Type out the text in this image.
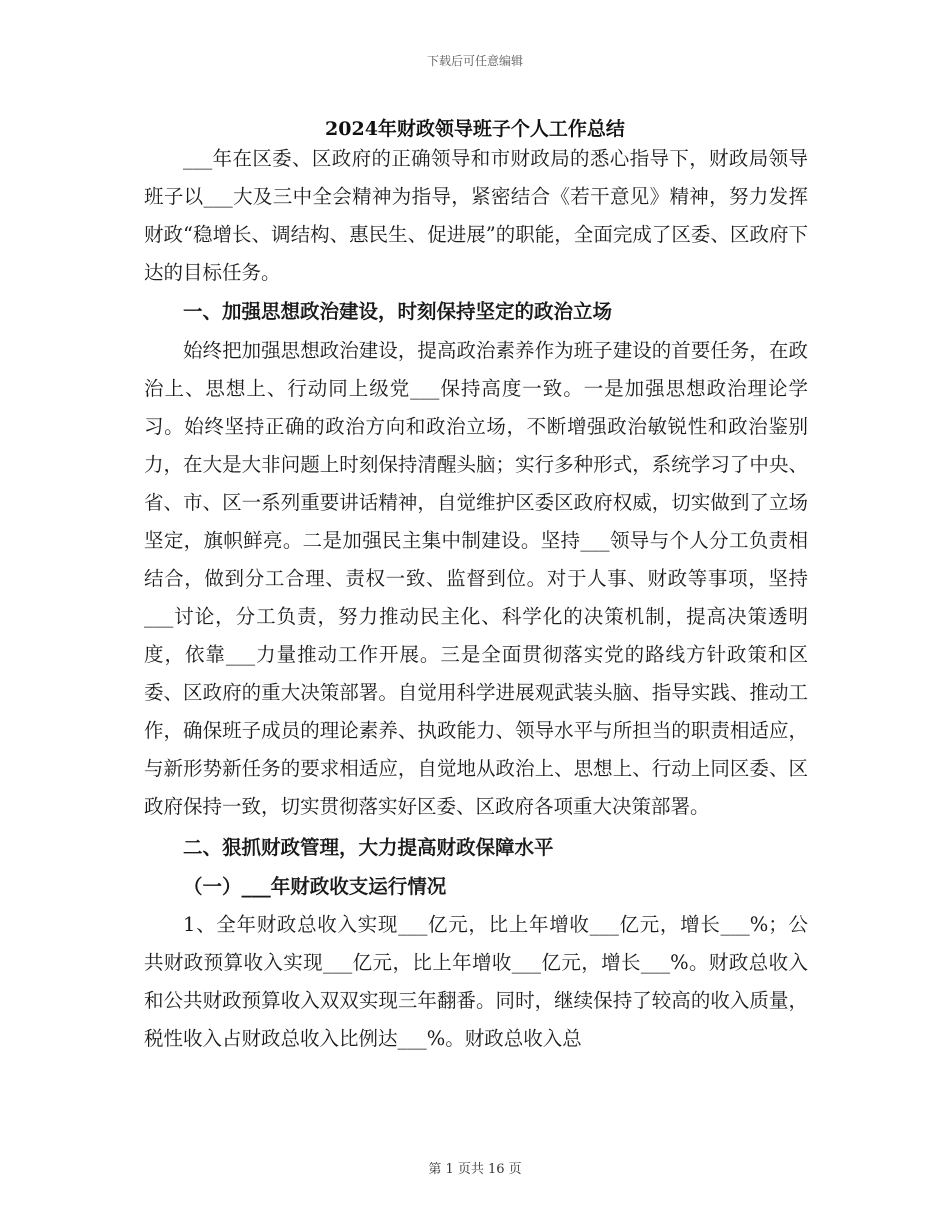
下载后可任意编辑
2024年财政领导班子个人工作总结

___年在区委、区政府的正确领导和市财政局的悉心指导下，财政局领导班子以___大及三中全会精神为指导，紧密结合《若干意见》精神，努力发挥财政“稳增长、调结构、惠民生、促进展”的职能，全面完成了区委、区政府下达的目标任务。

一、加强思想政治建设，时刻保持坚定的政治立场

始终把加强思想政治建设，提高政治素养作为班子建设的首要任务，在政治上、思想上、行动同上级党___保持高度一致。一是加强思想政治理论学习。始终坚持正确的政治方向和政治立场，不断增强政治敏锐性和政治鉴别力，在大是大非问题上时刻保持清醒头脑；实行多种形式，系统学习了中央、省、市、区一系列重要讲话精神，自觉维护区委区政府权威，切实做到了立场坚定，旗帜鲜亮。二是加强民主集中制建设。坚持___领导与个人分工负责相结合，做到分工合理、责权一致、监督到位。对于人事、财政等事项，坚持___讨论，分工负责，努力推动民主化、科学化的决策机制，提高决策透明度，依靠___力量推动工作开展。三是全面贯彻落实党的路线方针政策和区委、区政府的重大决策部署。自觉用科学进展观武装头脑、指导实践、推动工作，确保班子成员的理论素养、执政能力、领导水平与所担当的职责相适应，与新形势新任务的要求相适应，自觉地从政治上、思想上、行动上同区委、区政府保持一致，切实贯彻落实好区委、区政府各项重大决策部署。

二、狠抓财政管理，大力提高财政保障水平

（一）___年财政收支运行情况

1、全年财政总收入实现___亿元，比上年增收___亿元，增长___%；公共财政预算收入实现___亿元，比上年增收___亿元，增长___%。财政总收入和公共财政预算收入双双实现三年翻番。同时，继续保持了较高的收入质量，税性收入占财政总收入比例达___%。财政总收入总

第 1 页共 16 页
